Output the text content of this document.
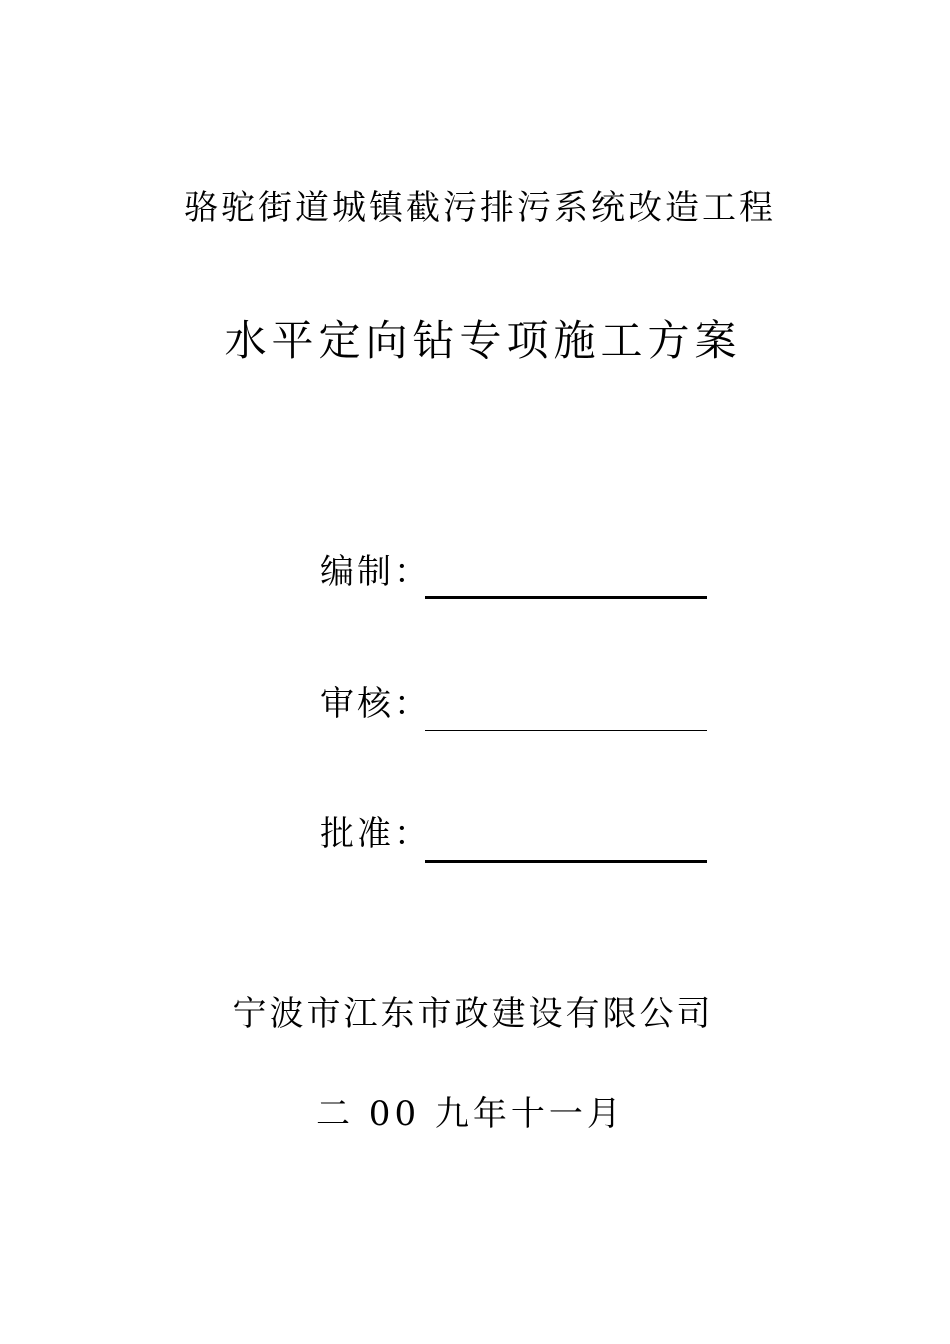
骆驼街道城镇截污排污系统改造工程
水平定向钻专项施工方案
编制：
审核：
批准：
宁波市江东市政建设有限公司
二 00 九年十一月
